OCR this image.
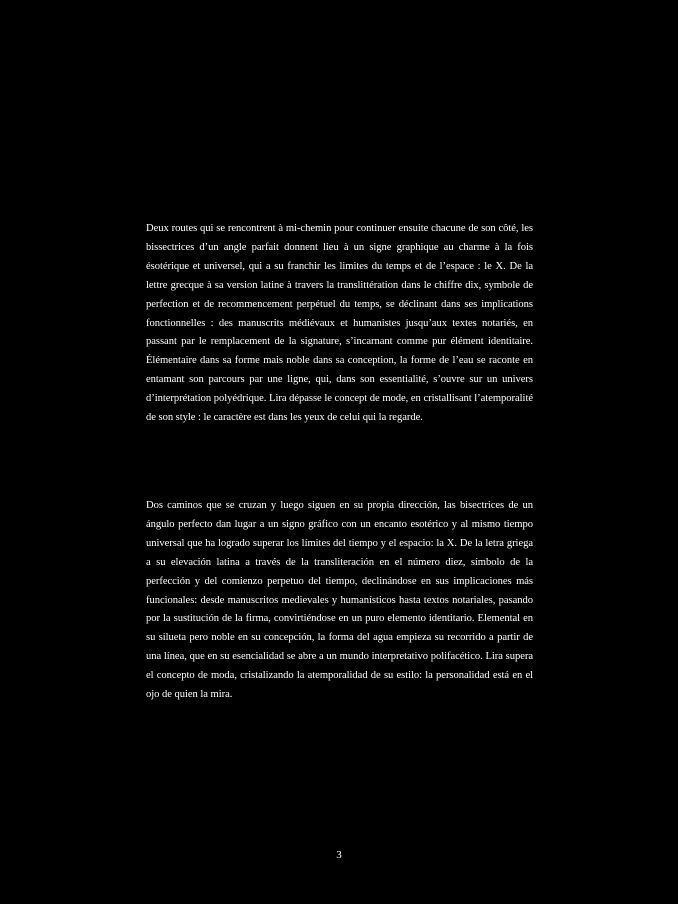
Deux routes qui se rencontrent à mi-chemin pour continuer ensuite chacune de son côté, les bissectrices d’un angle parfait donnent lieu à un signe graphique au charme à la fois ésotérique et universel, qui a su franchir les limites du temps et de l’espace : le X. De la lettre grecque à sa version latine à travers la translittération dans le chiffre dix, symbole de perfection et de recommencement perpétuel du temps, se déclinant dans ses implications fonctionnelles : des manuscrits médiévaux et humanistes jusqu’aux textes notariés, en passant par le remplacement de la signature, s’incarnant comme pur élément identitaire. Élémentaire dans sa forme mais noble dans sa conception, la forme de l’eau se raconte en entamant son parcours par une ligne, qui, dans son essentialité, s’ouvre sur un univers d’interprétation polyédrique. Lira dépasse le concept de mode, en cristallisant l’atemporalité de son style : le caractère est dans les yeux de celui qui la regarde.

Dos caminos que se cruzan y luego siguen en su propia dirección, las bisectrices de un ángulo perfecto dan lugar a un signo gráfico con un encanto esotérico y al mismo tiempo universal que ha logrado superar los límites del tiempo y el espacio: la X. De la letra griega a su elevación latina a través de la transliteración en el número diez, símbolo de la perfección y del comienzo perpetuo del tiempo, declinándose en sus implicaciones más funcionales: desde manuscritos medievales y humanísticos hasta textos notariales, pasando por la sustitución de la firma, convirtiéndose en un puro elemento identitario. Elemental en su silueta pero noble en su concepción, la forma del agua empieza su recorrido a partir de una línea, que en su esencialidad se abre a un mundo interpretativo polifacético. Lira supera el concepto de moda, cristalizando la atemporalidad de su estilo: la personalidad está en el ojo de quien la mira.

3
